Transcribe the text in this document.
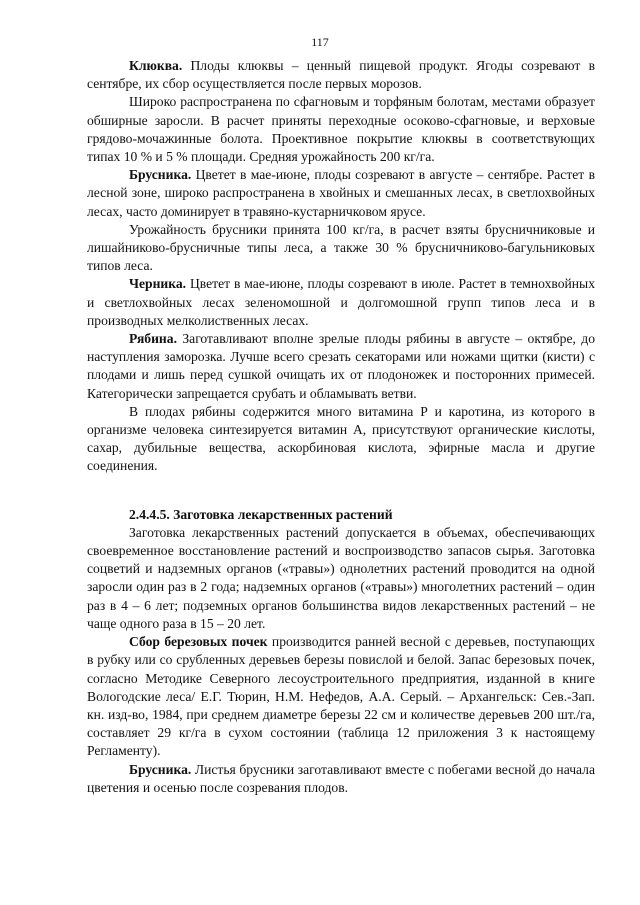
117

Клюква. Плоды клюквы – ценный пищевой продукт. Ягоды созревают в сентябре, их сбор осуществляется после первых морозов.

Широко распространена по сфагновым и торфяным болотам, местами образует обширные заросли. В расчет приняты переходные осоково-сфагновые, и верховые грядово-мочажинные болота. Проективное покрытие клюквы в соответствующих типах 10 % и 5 % площади. Средняя урожайность 200 кг/га.

Брусника. Цветет в мае-июне, плоды созревают в августе – сентябре. Растет в лесной зоне, широко распространена в хвойных и смешанных лесах, в светлохвойных лесах, часто доминирует в травяно-кустарничковом ярусе.

Урожайность брусники принята 100 кг/га, в расчет взяты брусничниковые и лишайниково-брусничные типы леса, а также 30 % брусничниково-багульниковых типов леса.

Черника. Цветет в мае-июне, плоды созревают в июле. Растет в темнохвойных и светлохвойных лесах зеленомошной и долгомошной групп типов леса и в производных мелколиственных лесах.

Рябина. Заготавливают вполне зрелые плоды рябины в августе – октябре, до наступления заморозка. Лучше всего срезать секаторами или ножами щитки (кисти) с плодами и лишь перед сушкой очищать их от плодоножек и посторонних примесей. Категорически запрещается срубать и обламывать ветви.

В плодах рябины содержится много витамина Р и каротина, из которого в организме человека синтезируется витамин А, присутствуют органические кислоты, сахар, дубильные вещества, аскорбиновая кислота, эфирные масла и другие соединения.

2.4.4.5. Заготовка лекарственных растений

Заготовка лекарственных растений допускается в объемах, обеспечивающих своевременное восстановление растений и воспроизводство запасов сырья. Заготовка соцветий и надземных органов («травы») однолетних растений проводится на одной заросли один раз в 2 года; надземных органов («травы») многолетних растений – один раз в 4 – 6 лет; подземных органов большинства видов лекарственных растений – не чаще одного раза в 15 – 20 лет.

Сбор березовых почек производится ранней весной с деревьев, поступающих в рубку или со срубленных деревьев березы повислой и белой. Запас березовых почек, согласно Методике Северного лесоустроительного предприятия, изданной в книге Вологодские леса/ Е.Г. Тюрин, Н.М. Нефедов, А.А. Серый. – Архангельск: Сев.-Зап. кн. изд-во, 1984, при среднем диаметре березы 22 см и количестве деревьев 200 шт./га, составляет 29 кг/га в сухом состоянии (таблица 12 приложения 3 к настоящему Регламенту).

Брусника. Листья брусники заготавливают вместе с побегами весной до начала цветения и осенью после созревания плодов.
